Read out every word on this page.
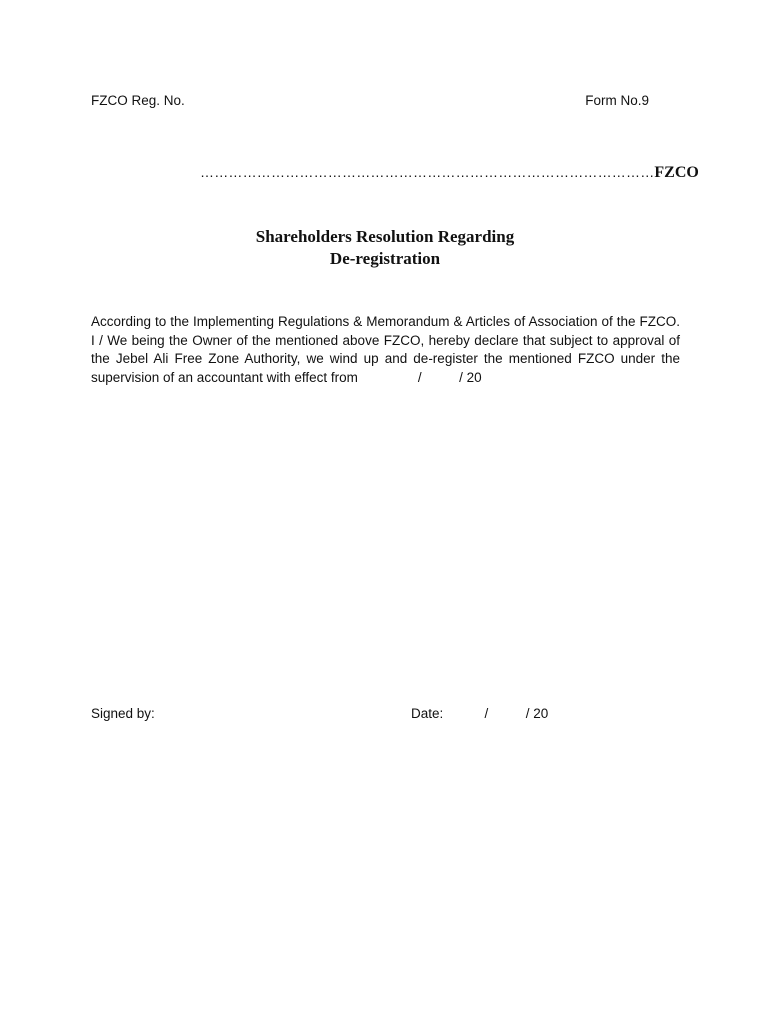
FZCO Reg. No.	Form No.9
……………………………………………………………………………………FZCO
Shareholders Resolution Regarding
De-registration
According to the Implementing Regulations & Memorandum & Articles of Association of the FZCO. I / We being the Owner of the mentioned above FZCO, hereby declare that subject to approval of the Jebel Ali Free Zone Authority, we wind up and de-register the mentioned FZCO under the supervision of an accountant with effect from                /          / 20
Signed by:	Date:           /          / 20
